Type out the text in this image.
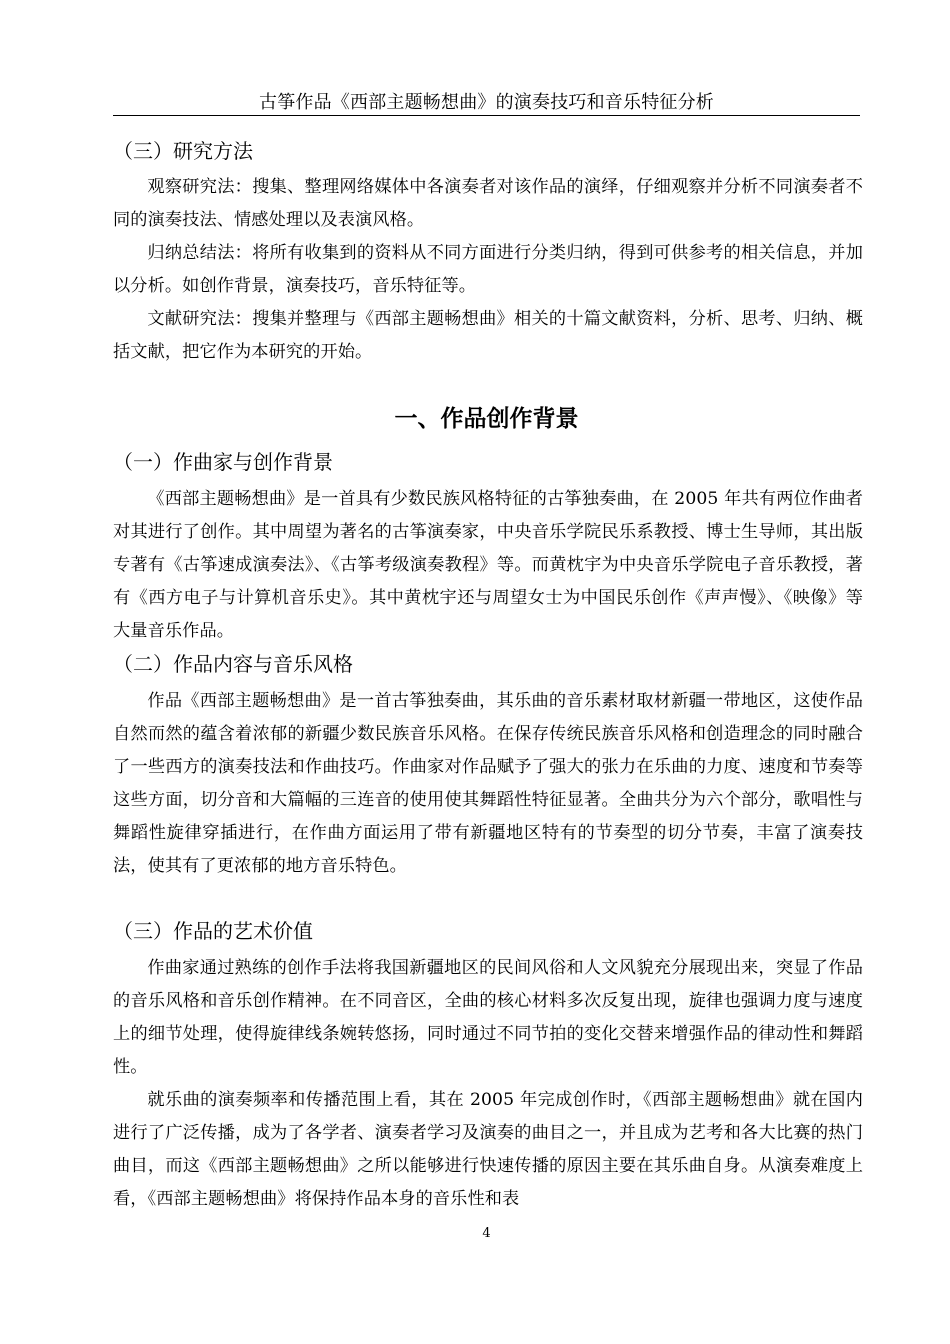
古筝作品《西部主题畅想曲》的演奏技巧和音乐特征分析
（三）研究方法

观察研究法：搜集、整理网络媒体中各演奏者对该作品的演绎，仔细观察并分析不同演奏者不同的演奏技法、情感处理以及表演风格。

归纳总结法：将所有收集到的资料从不同方面进行分类归纳，得到可供参考的相关信息，并加以分析。如创作背景，演奏技巧，音乐特征等。

文献研究法：搜集并整理与《西部主题畅想曲》相关的十篇文献资料，分析、思考、归纳、概括文献，把它作为本研究的开始。

一、作品创作背景
（一）作曲家与创作背景

《西部主题畅想曲》是一首具有少数民族风格特征的古筝独奏曲，在 2005 年共有两位作曲者对其进行了创作。其中周望为著名的古筝演奏家，中央音乐学院民乐系教授、博士生导师，其出版专著有《古筝速成演奏法》、《古筝考级演奏教程》等。而黄枕宇为中央音乐学院电子音乐教授，著有《西方电子与计算机音乐史》。其中黄枕宇还与周望女士为中国民乐创作《声声慢》、《映像》等大量音乐作品。

（二）作品内容与音乐风格

作品《西部主题畅想曲》是一首古筝独奏曲，其乐曲的音乐素材取材新疆一带地区，这使作品自然而然的蕴含着浓郁的新疆少数民族音乐风格。在保存传统民族音乐风格和创造理念的同时融合了一些西方的演奏技法和作曲技巧。作曲家对作品赋予了强大的张力在乐曲的力度、速度和节奏等这些方面，切分音和大篇幅的三连音的使用使其舞蹈性特征显著。全曲共分为六个部分，歌唱性与舞蹈性旋律穿插进行，在作曲方面运用了带有新疆地区特有的节奏型的切分节奏，丰富了演奏技法，使其有了更浓郁的地方音乐特色。

（三）作品的艺术价值

作曲家通过熟练的创作手法将我国新疆地区的民间风俗和人文风貌充分展现出来，突显了作品的音乐风格和音乐创作精神。在不同音区，全曲的核心材料多次反复出现，旋律也强调力度与速度上的细节处理，使得旋律线条婉转悠扬，同时通过不同节拍的变化交替来增强作品的律动性和舞蹈性。

就乐曲的演奏频率和传播范围上看，其在 2005 年完成创作时，《西部主题畅想曲》就在国内进行了广泛传播，成为了各学者、演奏者学习及演奏的曲目之一，并且成为艺考和各大比赛的热门曲目，而这《西部主题畅想曲》之所以能够进行快速传播的原因主要在其乐曲自身。从演奏难度上看，《西部主题畅想曲》将保持作品本身的音乐性和表

4
